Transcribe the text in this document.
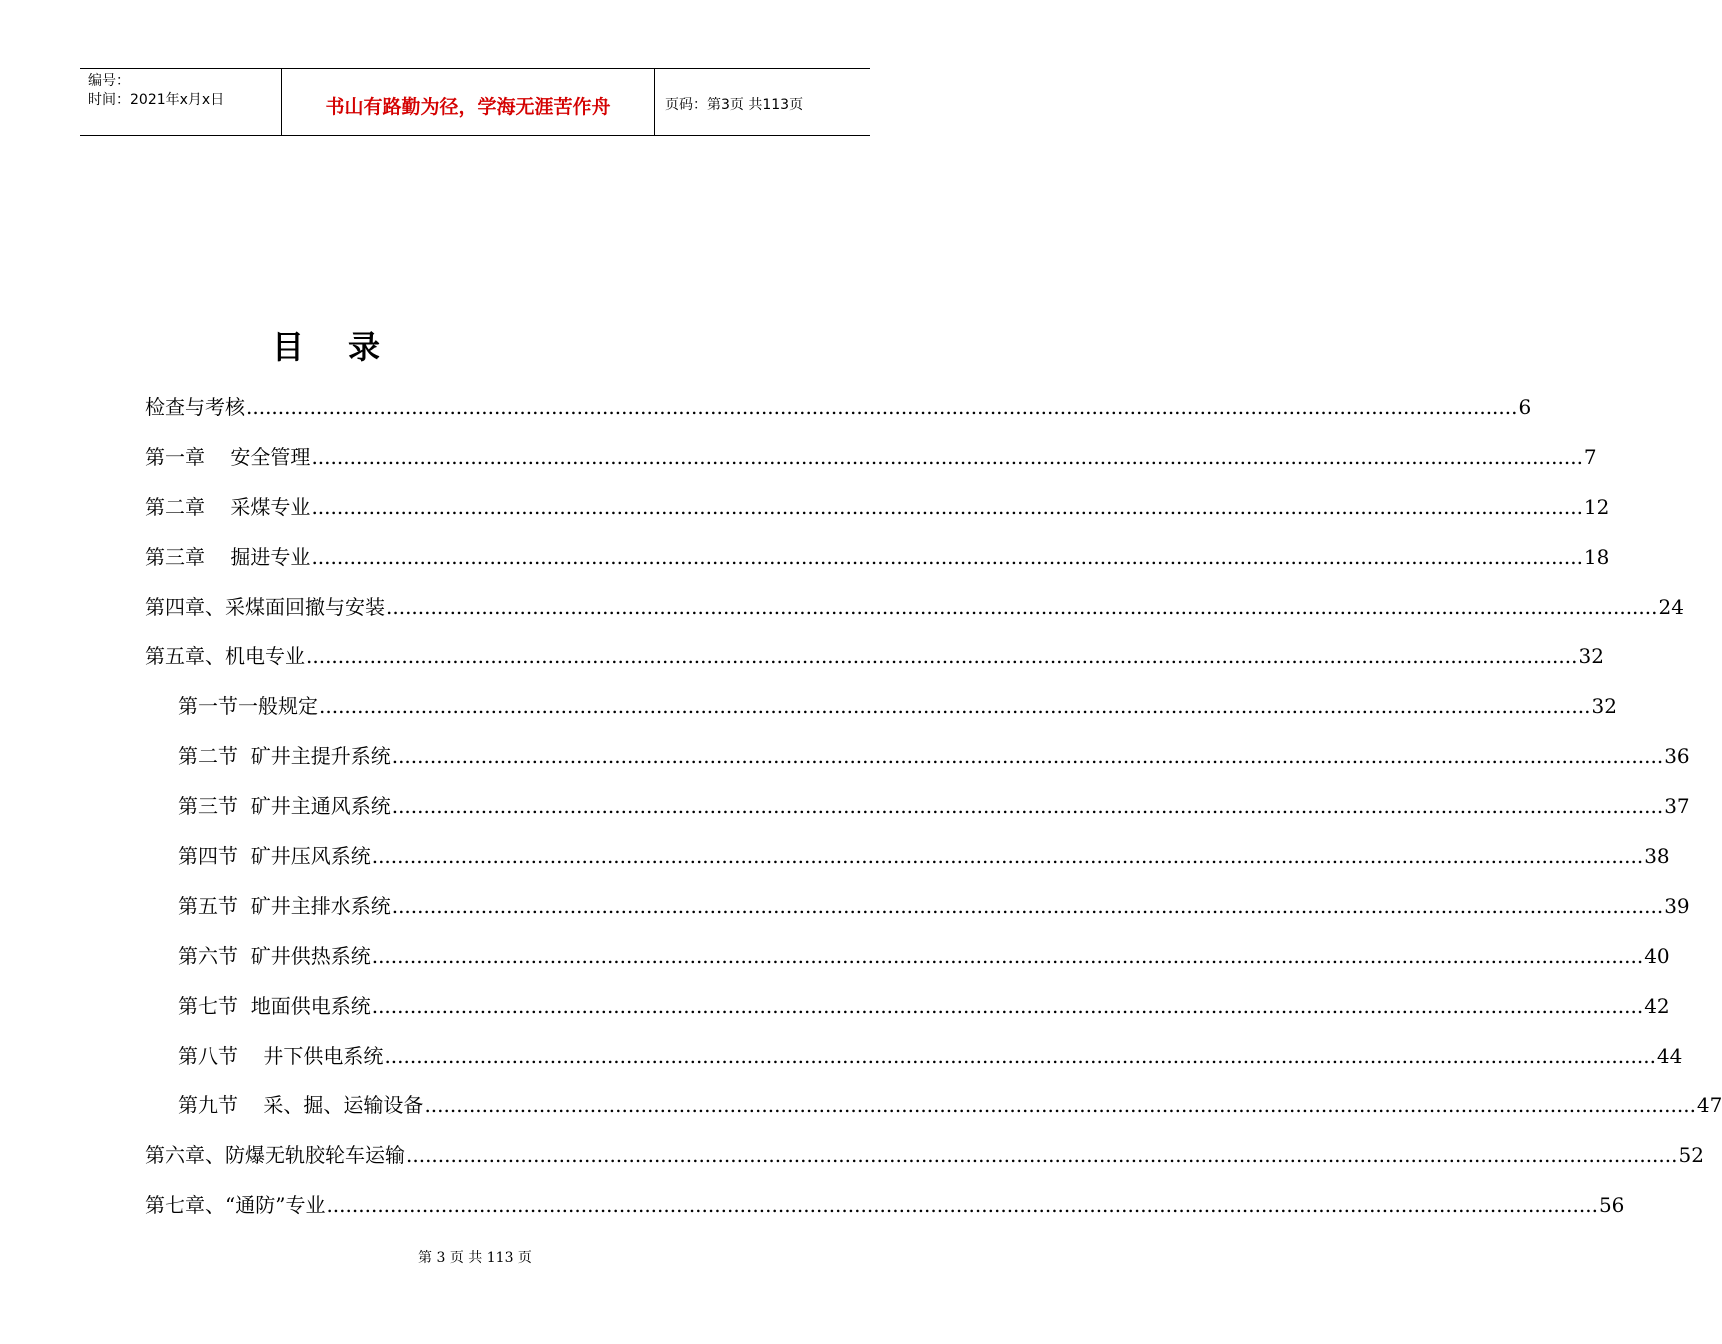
编号：
时间：2021年x月x日	书山有路勤为径，学海无涯苦作舟	页码：第3页 共113页
目录
检查与考核 ........................................................................................................................................................................................................ 6
第一章    安全管理 ........................................................................................................................................................................................................ 7
第二章    采煤专业 ........................................................................................................................................................................................................ 12
第三章    掘进专业 ........................................................................................................................................................................................................ 18
第四章、采煤面回撤与安装 ........................................................................................................................................................................................................ 24
第五章、机电专业 ........................................................................................................................................................................................................ 32
第一节一般规定 ........................................................................................................................................................................................................ 32
第二节  矿井主提升系统 ........................................................................................................................................................................................................ 36
第三节  矿井主通风系统 ........................................................................................................................................................................................................ 37
第四节  矿井压风系统 ........................................................................................................................................................................................................ 38
第五节  矿井主排水系统 ........................................................................................................................................................................................................ 39
第六节  矿井供热系统 ........................................................................................................................................................................................................ 40
第七节  地面供电系统 ........................................................................................................................................................................................................ 42
第八节    井下供电系统 ........................................................................................................................................................................................................ 44
第九节    采、掘、运输设备 ........................................................................................................................................................................................................ 47
第六章、防爆无轨胶轮车运输 ........................................................................................................................................................................................................ 52
第七章、“通防”专业 ........................................................................................................................................................................................................ 56
第 3 页 共 113 页
